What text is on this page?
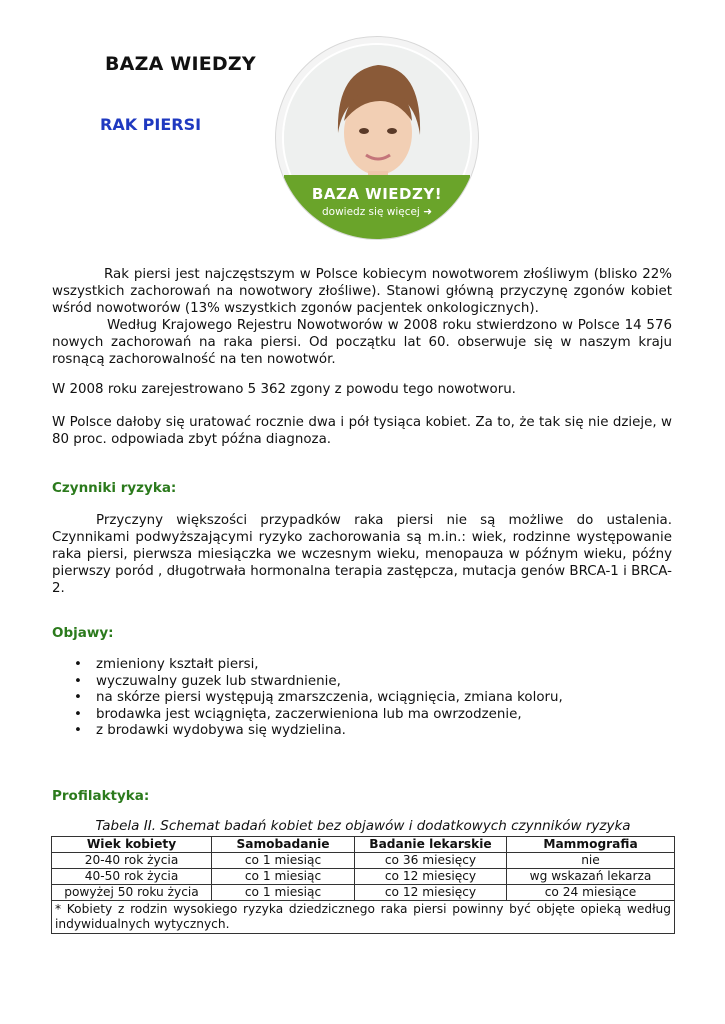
BAZA WIEDZY
RAK PIERSI
BAZA WIEDZY!
dowiedz się więcej ➜
Rak piersi jest najczęstszym w Polsce kobiecym nowotworem złośliwym (blisko 22% wszystkich zachorowań na nowotwory złośliwe). Stanowi główną przyczynę zgonów kobiet wśród nowotworów (13% wszystkich zgonów pacjentek onkologicznych).
Według Krajowego Rejestru Nowotworów w 2008 roku stwierdzono w Polsce 14 576 nowych zachorowań na raka piersi. Od początku lat 60. obserwuje się w naszym kraju rosnącą zachorowalność na ten nowotwór.
W 2008 roku zarejestrowano 5 362 zgony z powodu tego nowotworu.
W Polsce dałoby się uratować rocznie dwa i pół tysiąca kobiet. Za to, że tak się nie dzieje, w 80 proc. odpowiada zbyt późna diagnoza.
Czynniki ryzyka:
Przyczyny większości przypadków raka piersi nie są możliwe do ustalenia. Czynnikami podwyższającymi ryzyko zachorowania są m.in.: wiek, rodzinne występowanie raka piersi, pierwsza miesiączka we wczesnym wieku, menopauza w późnym wieku, późny pierwszy poród , długotrwała hormonalna terapia zastępcza, mutacja genów BRCA-1 i BRCA-2.
Objawy:
• zmieniony kształt piersi,
• wyczuwalny guzek lub stwardnienie,
• na skórze piersi występują zmarszczenia, wciągnięcia, zmiana koloru,
• brodawka jest wciągnięta, zaczerwieniona lub ma owrzodzenie,
• z brodawki wydobywa się wydzielina.
Profilaktyka:
Tabela II. Schemat badań kobiet bez objawów i dodatkowych czynników ryzyka
Wiek kobiety	Samobadanie	Badanie lekarskie	Mammografia
20-40 rok życia	co 1 miesiąc	co 36 miesięcy	nie
40-50 rok życia	co 1 miesiąc	co 12 miesięcy	wg wskazań lekarza
powyżej 50 roku życia	co 1 miesiąc	co 12 miesięcy	co 24 miesiące
* Kobiety z rodzin wysokiego ryzyka dziedzicznego raka piersi powinny być objęte opieką według indywidualnych wytycznych.			
